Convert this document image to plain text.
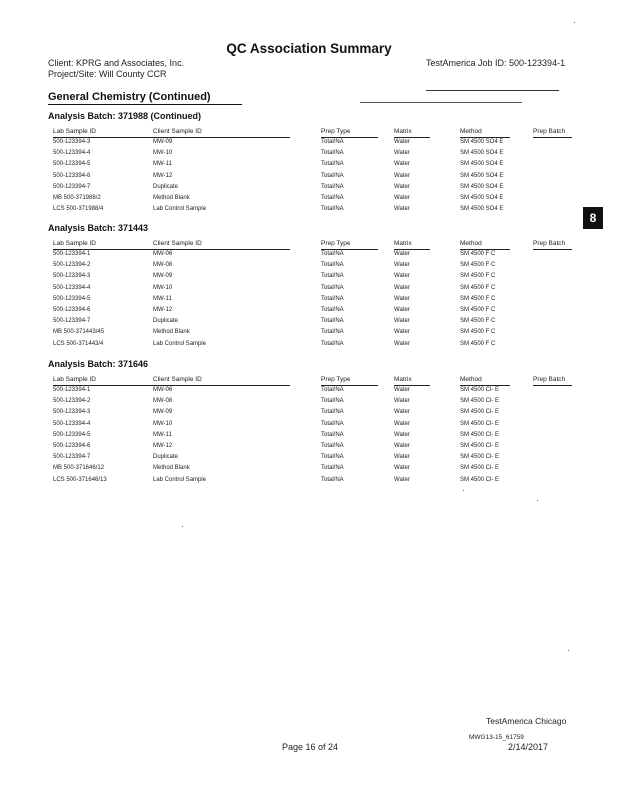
QC Association Summary
Client: KPRG and Associates, Inc.
Project/Site: Will County CCR
TestAmerica Job ID: 500-123394-1
General Chemistry (Continued)
8
Analysis Batch: 371988 (Continued)
Lab Sample ID	Client Sample ID	Prep Type	Matrix	Method	Prep Batch
500-123394-3	MW-09	Total/NA	Water	SM 4500 SO4 E
500-123394-4	MW-10	Total/NA	Water	SM 4500 SO4 E
500-123394-5	MW-11	Total/NA	Water	SM 4500 SO4 E
500-123394-6	MW-12	Total/NA	Water	SM 4500 SO4 E
500-123394-7	Duplicate	Total/NA	Water	SM 4500 SO4 E
MB 500-371988/2	Method Blank	Total/NA	Water	SM 4500 SO4 E
LCS 500-371988/4	Lab Control Sample	Total/NA	Water	SM 4500 SO4 E
Analysis Batch: 371443
Lab Sample ID	Client Sample ID	Prep Type	Matrix	Method	Prep Batch
500-123394-1	MW-06	Total/NA	Water	SM 4500 F C
500-123394-2	MW-08	Total/NA	Water	SM 4500 F C
500-123394-3	MW-09	Total/NA	Water	SM 4500 F C
500-123394-4	MW-10	Total/NA	Water	SM 4500 F C
500-123394-5	MW-11	Total/NA	Water	SM 4500 F C
500-123394-6	MW-12	Total/NA	Water	SM 4500 F C
500-123394-7	Duplicate	Total/NA	Water	SM 4500 F C
MB 500-371443/45	Method Blank	Total/NA	Water	SM 4500 F C
LCS 500-371443/4	Lab Control Sample	Total/NA	Water	SM 4500 F C
Analysis Batch: 371646
Lab Sample ID	Client Sample ID	Prep Type	Matrix	Method	Prep Batch
500-123394-1	MW-06	Total/NA	Water	SM 4500 Cl- E
500-123394-2	MW-08	Total/NA	Water	SM 4500 Cl- E
500-123394-3	MW-09	Total/NA	Water	SM 4500 Cl- E
500-123394-4	MW-10	Total/NA	Water	SM 4500 Cl- E
500-123394-5	MW-11	Total/NA	Water	SM 4500 Cl- E
500-123394-6	MW-12	Total/NA	Water	SM 4500 Cl- E
500-123394-7	Duplicate	Total/NA	Water	SM 4500 Cl- E
MB 500-371646/12	Method Blank	Total/NA	Water	SM 4500 Cl- E
LCS 500-371646/13	Lab Control Sample	Total/NA	Water	SM 4500 Cl- E
TestAmerica Chicago
MWG13-15_61759
Page 16 of 24	2/14/2017
